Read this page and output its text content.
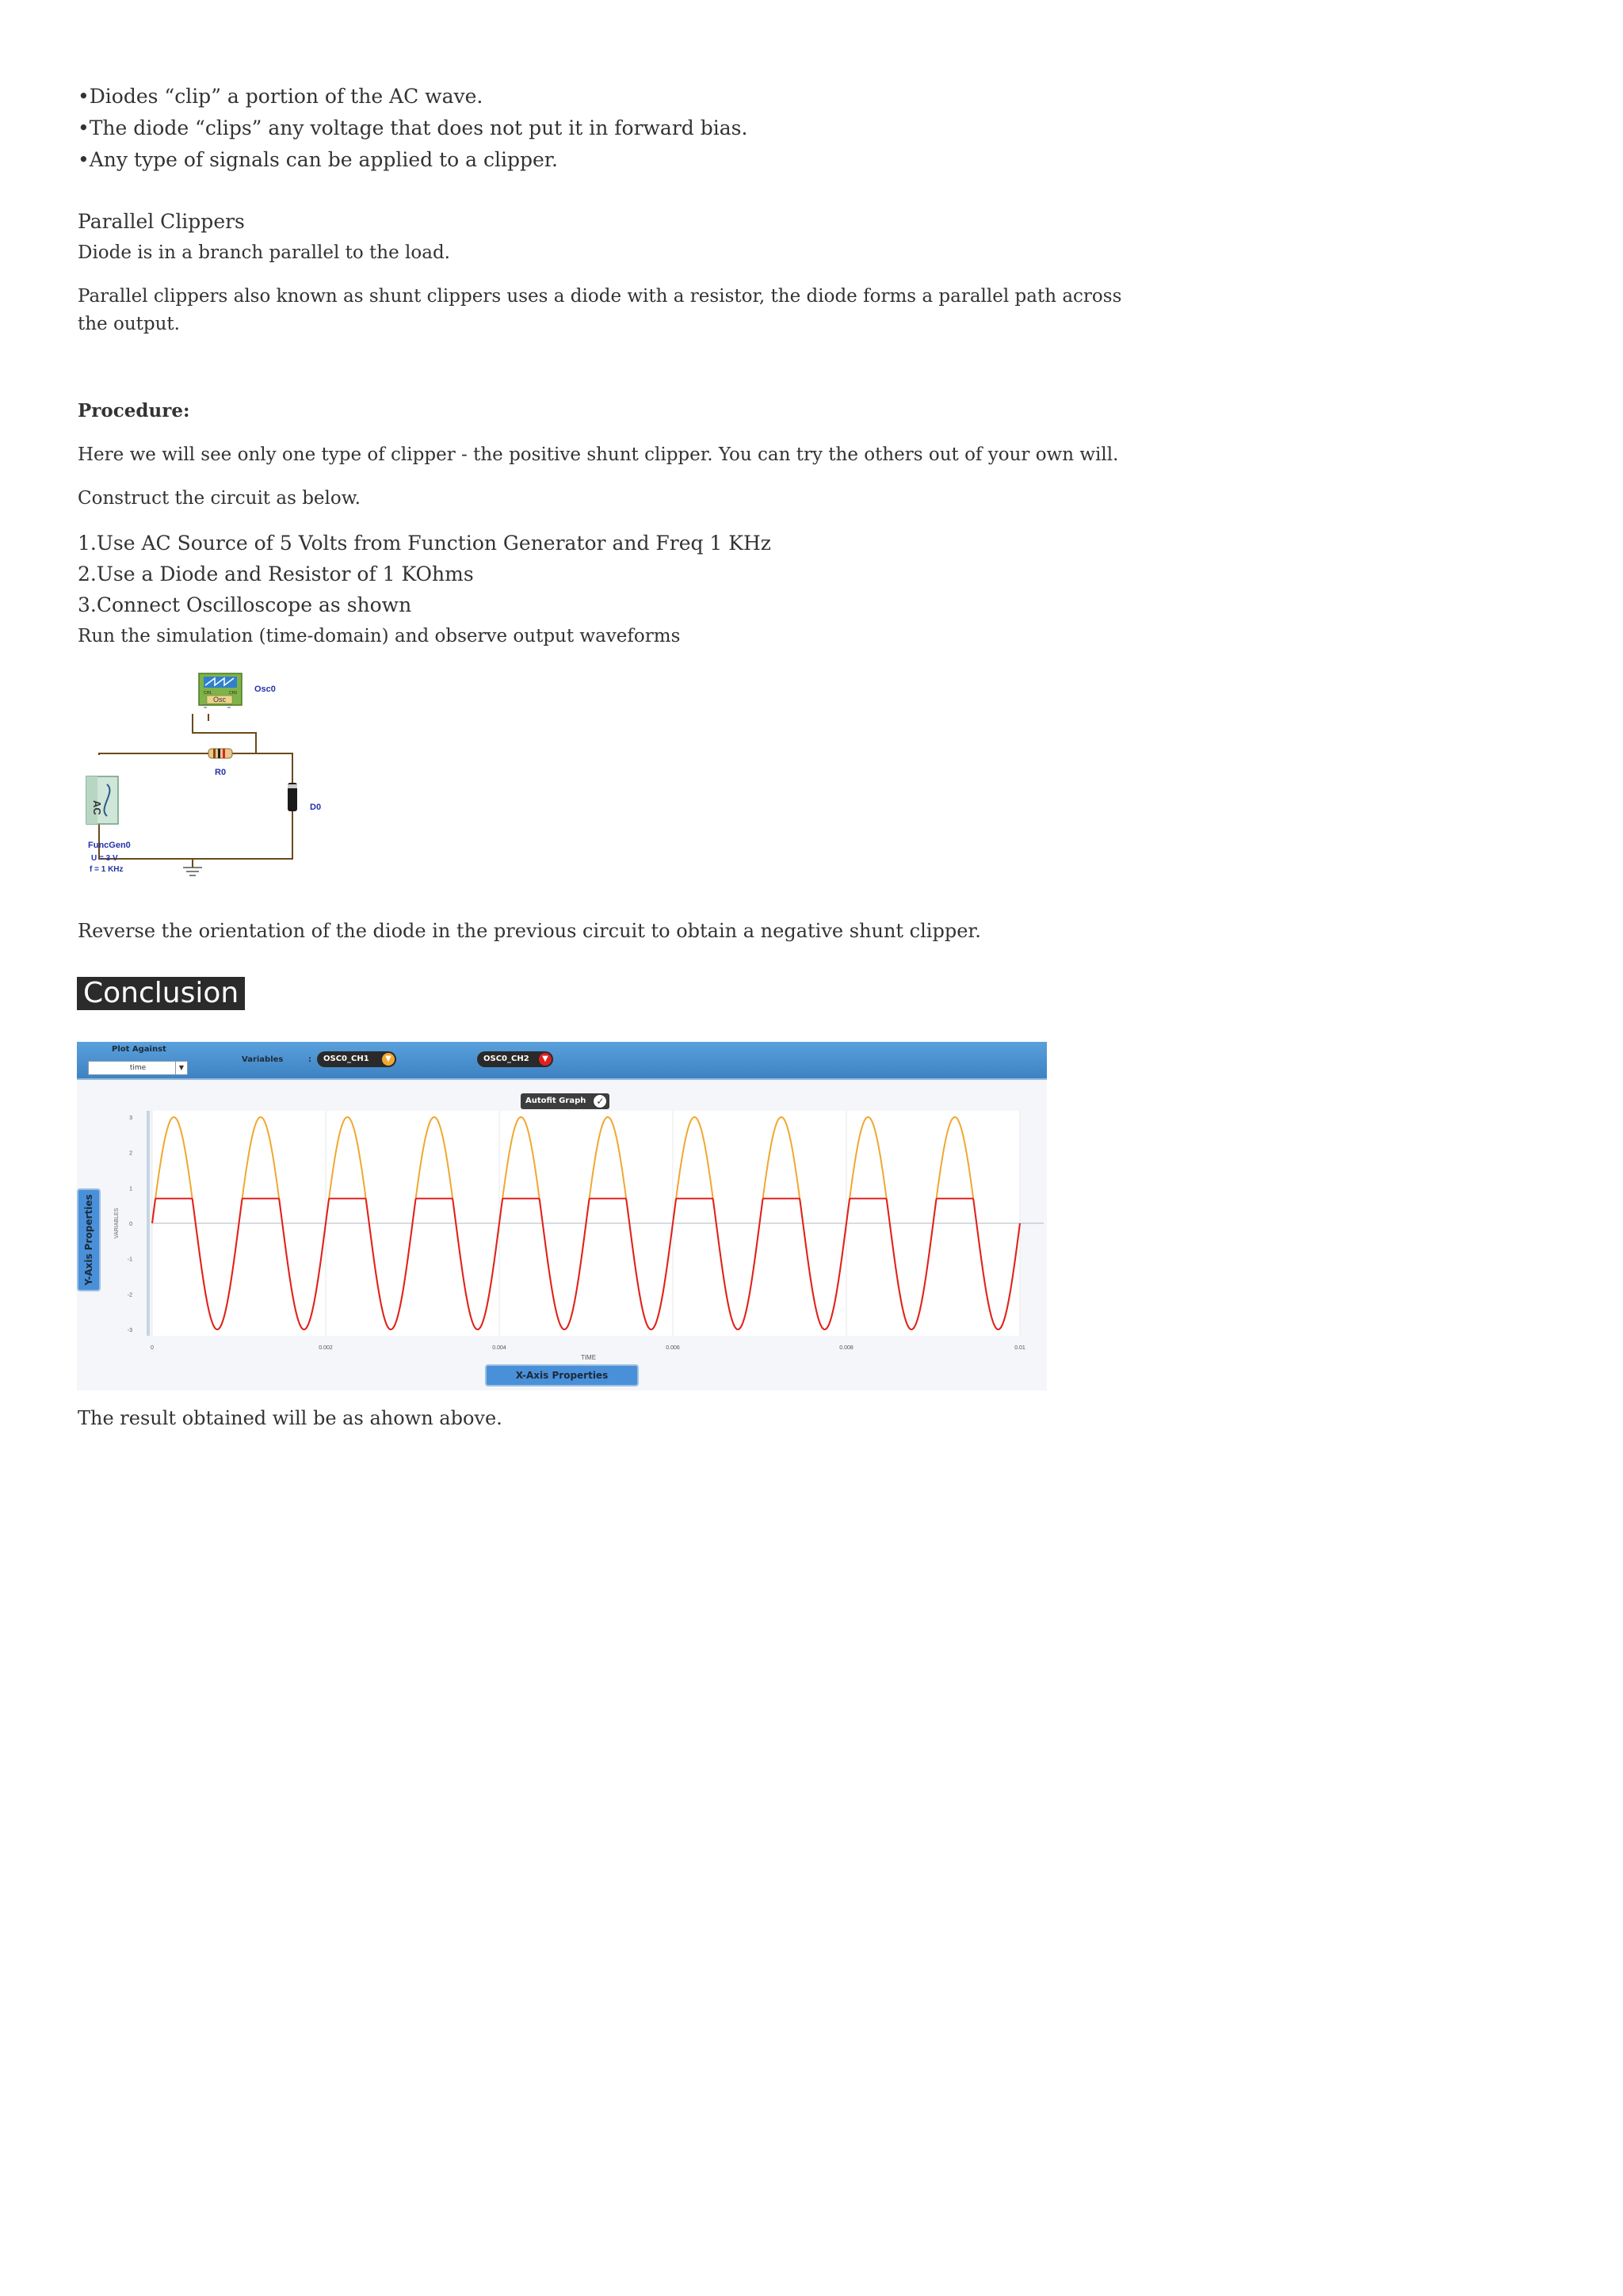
•Diodes “clip” a portion of the AC wave.
•The diode “clips” any voltage that does not put it in forward bias.
•Any type of signals can be applied to a clipper.
Parallel Clippers
Diode is in a branch parallel to the load.
Parallel clippers also known as shunt clippers uses a diode with a resistor, the diode forms a parallel path across
the output.
Procedure:
Here we will see only one type of clipper - the positive shunt clipper. You can try the others out of your own will.
Construct the circuit as below.
1.Use AC Source of 5 Volts from Function Generator and Freq 1 KHz
2.Use a Diode and Resistor of 1 KOhms
3.Connect Oscilloscope as shown
Run the simulation (time-domain) and observe output waveforms
Osc
CH1	CH2 Osc0
R0
D0
AC
FuncGen0
U = 3 V
f = 1 KHz
Reverse the orientation of the diode in the previous circuit to obtain a negative shunt clipper.
Conclusion
Plot Against
time	▼
Variables	:	OSC0_CH1	▼	OSC0_CH2	▼
Autofit Graph	✓
0	0.002	0.004	0.006	0.008	0.01
3
2
1
0
-1
-2
-3
VARIABLES
TIME
Y-Axis Properties
X-Axis Properties
The result obtained will be as ahown above.
